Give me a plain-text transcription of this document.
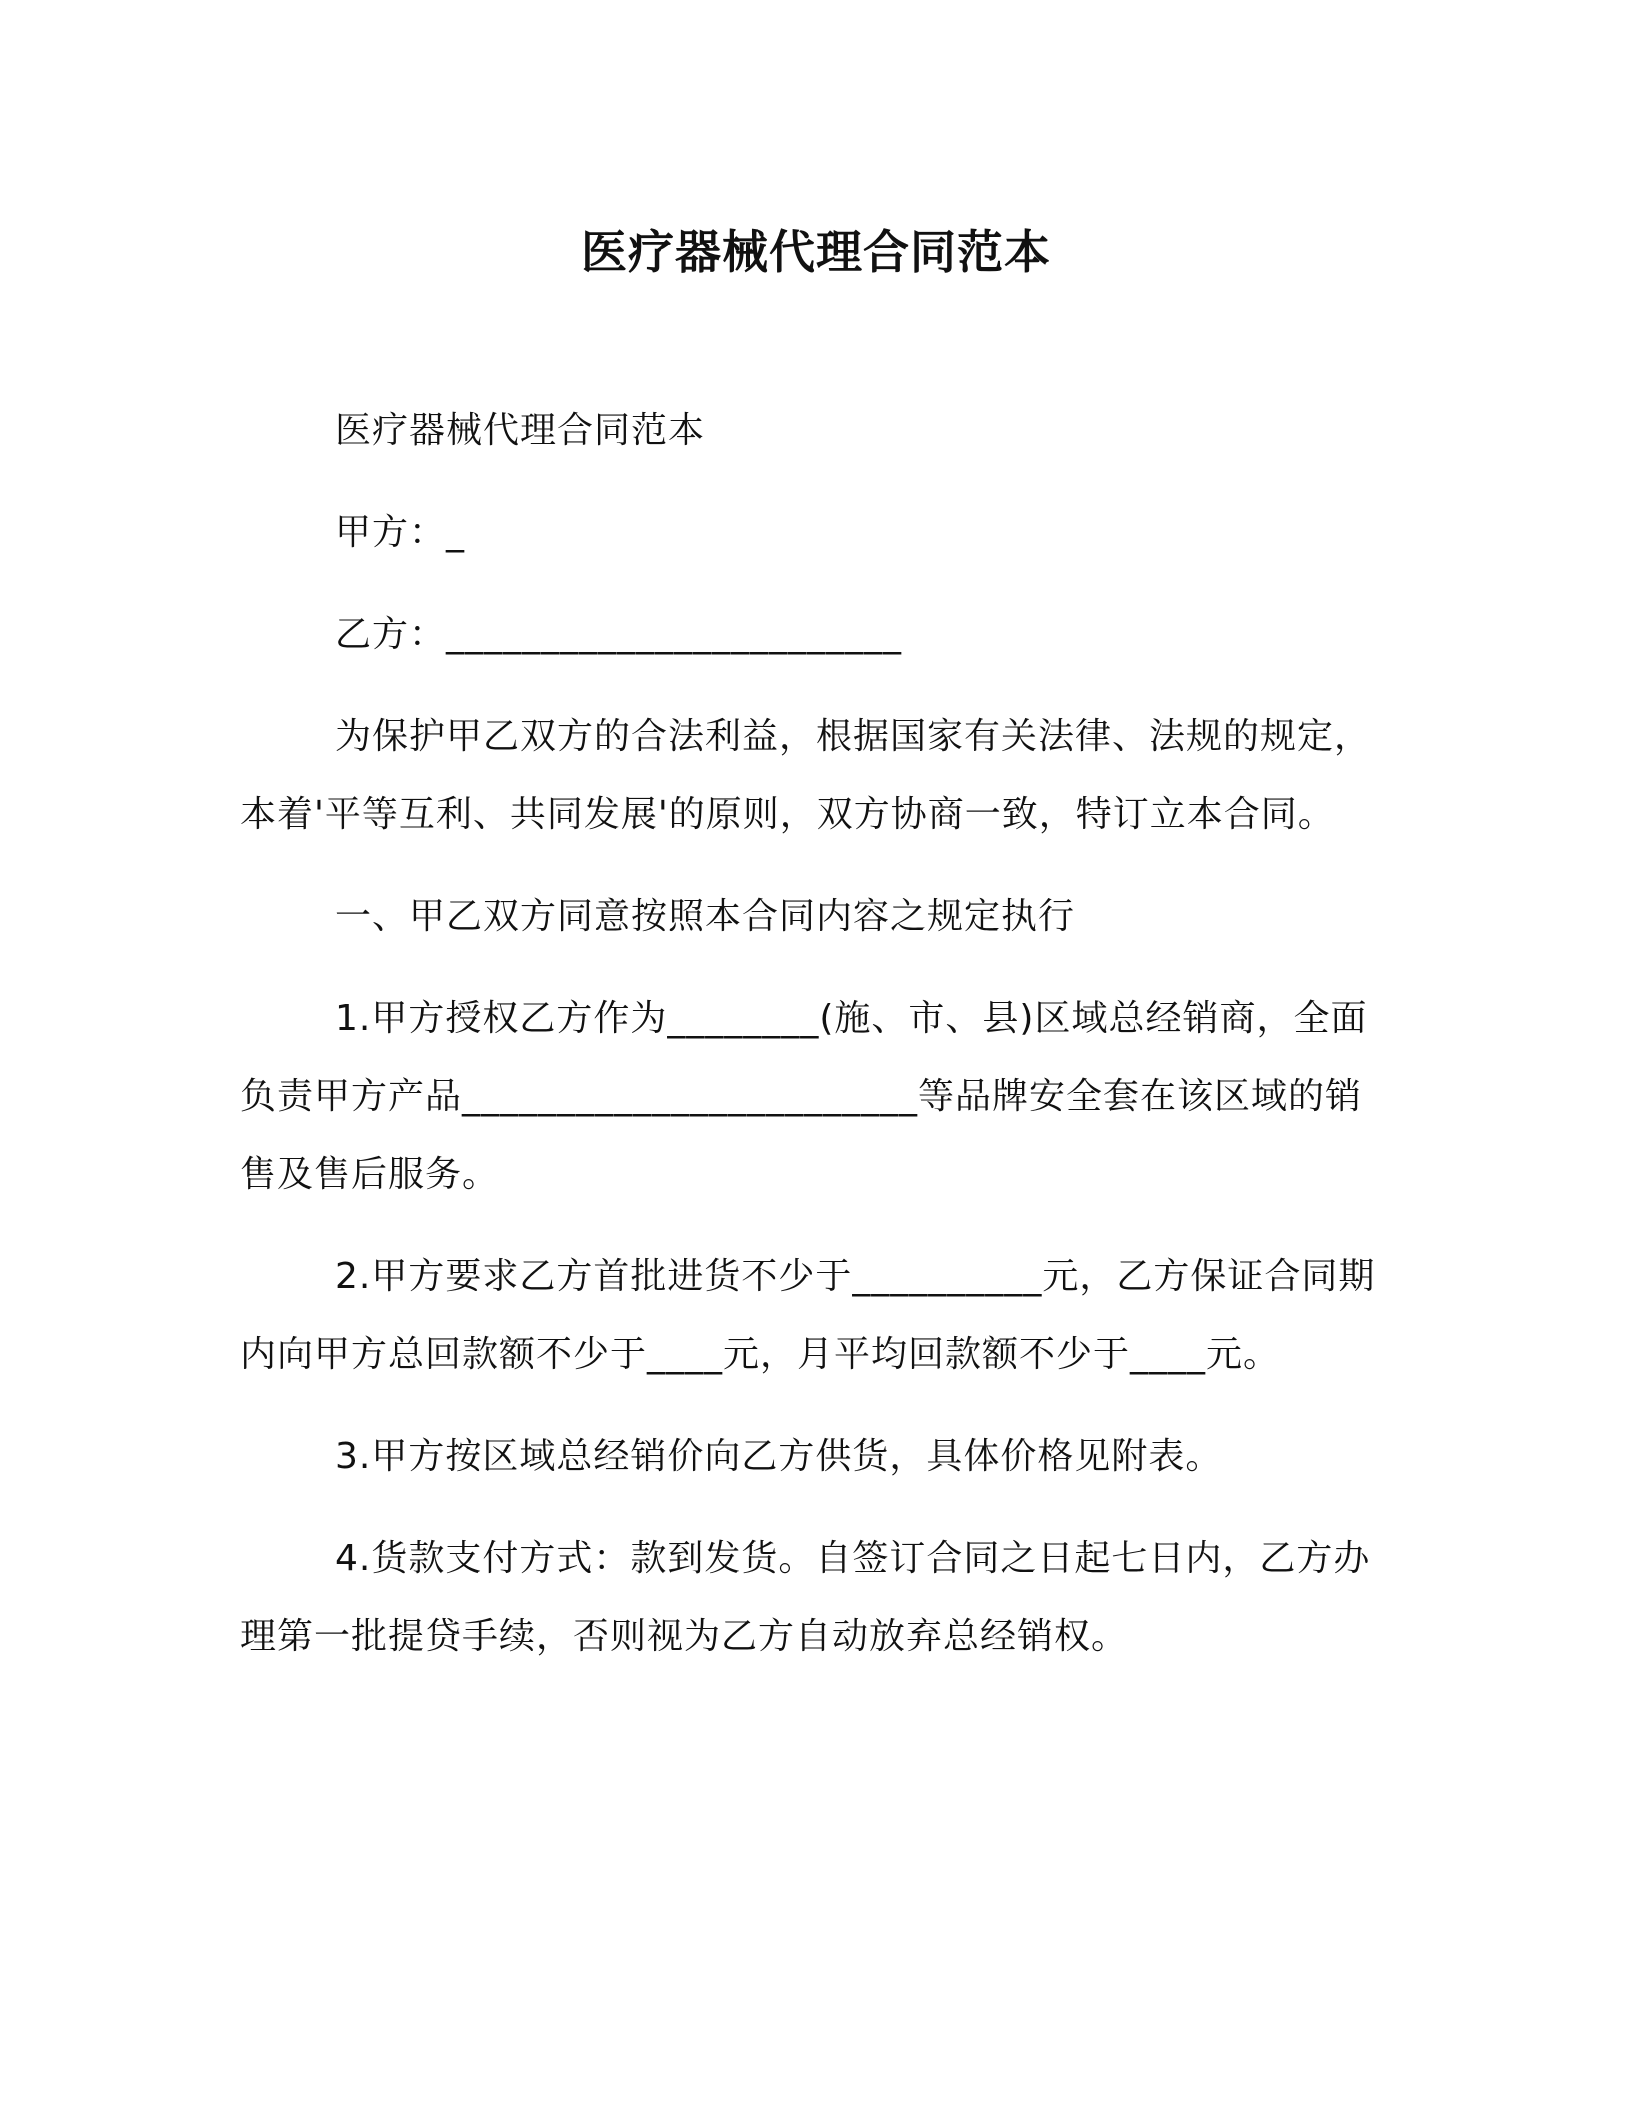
医疗器械代理合同范本

医疗器械代理合同范本

甲方：_

乙方：________________________

为保护甲乙双方的合法利益，根据国家有关法律、法规的规定，本着'平等互利、共同发展'的原则，双方协商一致，特订立本合同。

一、甲乙双方同意按照本合同内容之规定执行

1.甲方授权乙方作为________(施、市、县)区域总经销商，全面负责甲方产品________________________等品牌安全套在该区域的销售及售后服务。

2.甲方要求乙方首批进货不少于__________元，乙方保证合同期内向甲方总回款额不少于____元，月平均回款额不少于____元。

3.甲方按区域总经销价向乙方供货，具体价格见附表。

4.货款支付方式：款到发货。自签订合同之日起七日内，乙方办理第一批提贷手续，否则视为乙方自动放弃总经销权。
